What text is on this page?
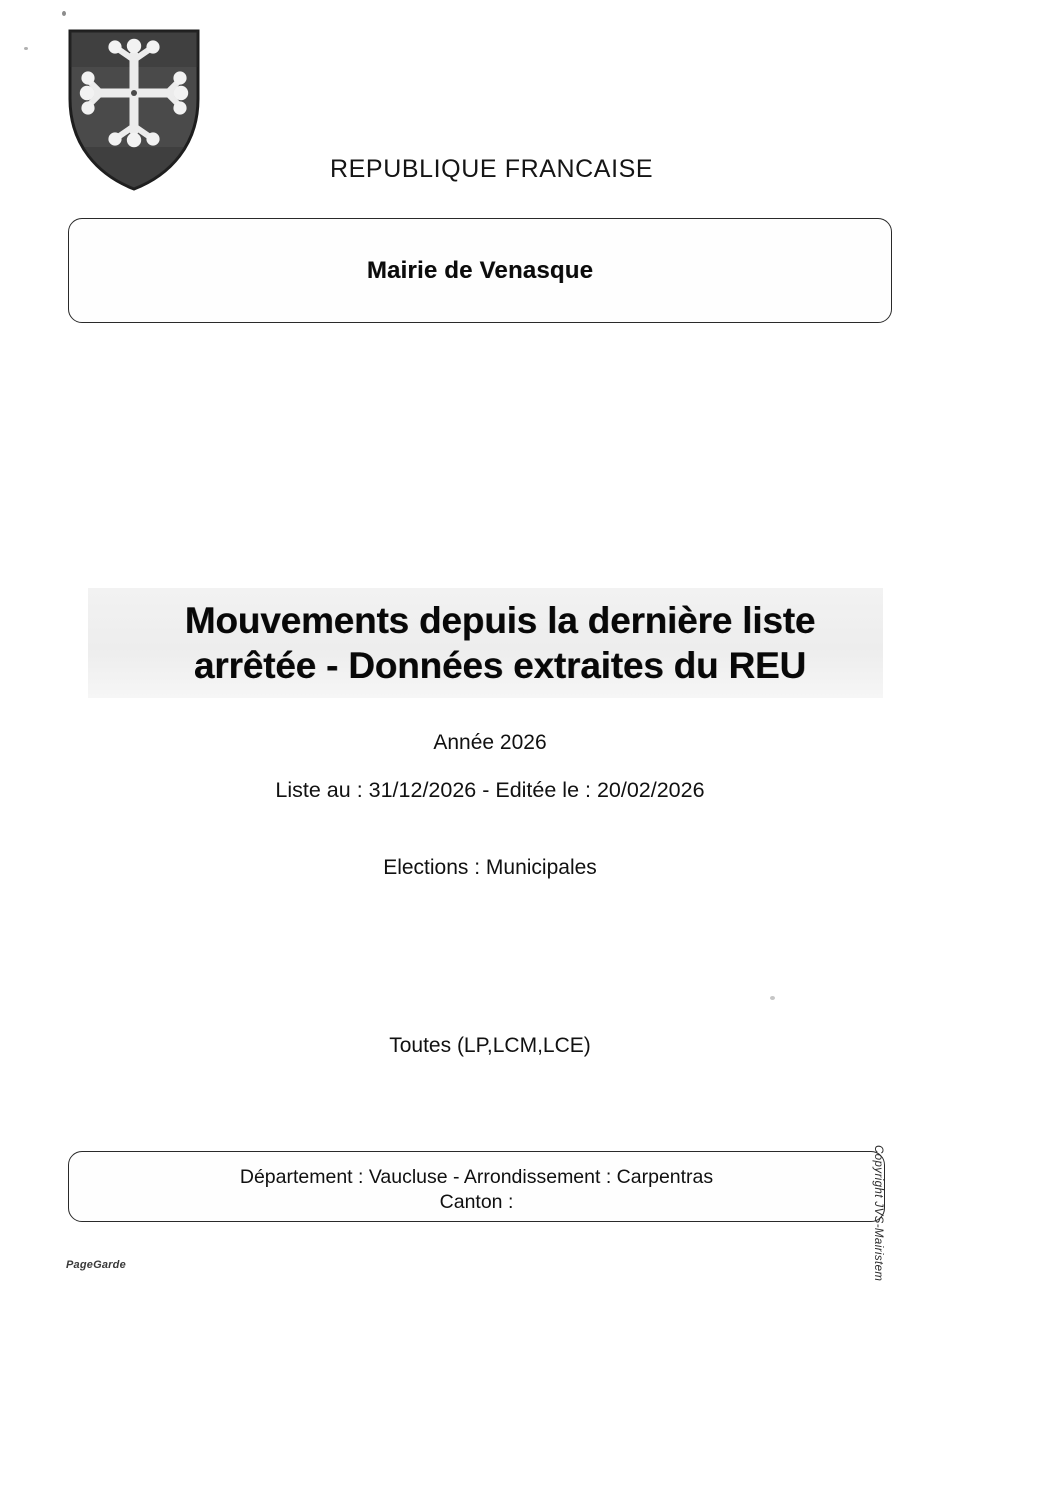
REPUBLIQUE FRANCAISE
Mairie de Venasque
Mouvements depuis la dernière liste
arrêtée - Données extraites du REU
Année 2026
Liste au : 31/12/2026 - Editée le : 20/02/2026
Elections : Municipales
Toutes (LP,LCM,LCE)
Département : Vaucluse - Arrondissement : Carpentras
Canton :	Copyright JVS-Mairistem
PageGarde
